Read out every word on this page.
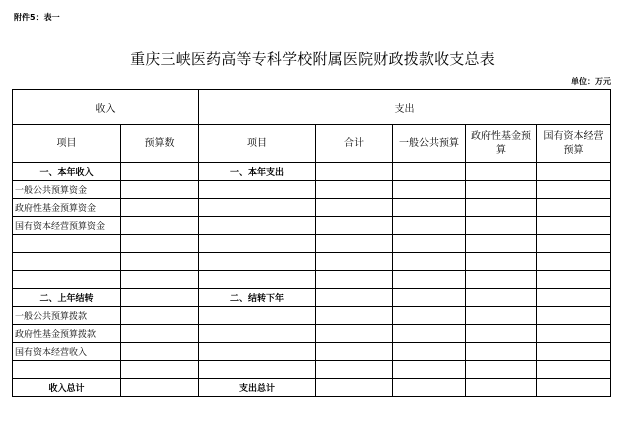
附件5：表一
重庆三峡医药高等专科学校附属医院财政拨款收支总表
单位：万元
收入		支出				
项目	预算数	项目	合计	一般公共预算	政府性基金预算	国有资本经营预算
一、本年收入		一、本年支出				
一般公共预算资金						
政府性基金预算资金						
国有资本经营预算资金						

二、上年结转		二、结转下年				
一般公共预算拨款						
政府性基金预算拨款						
国有资本经营收入						

收入总计		支出总计				
